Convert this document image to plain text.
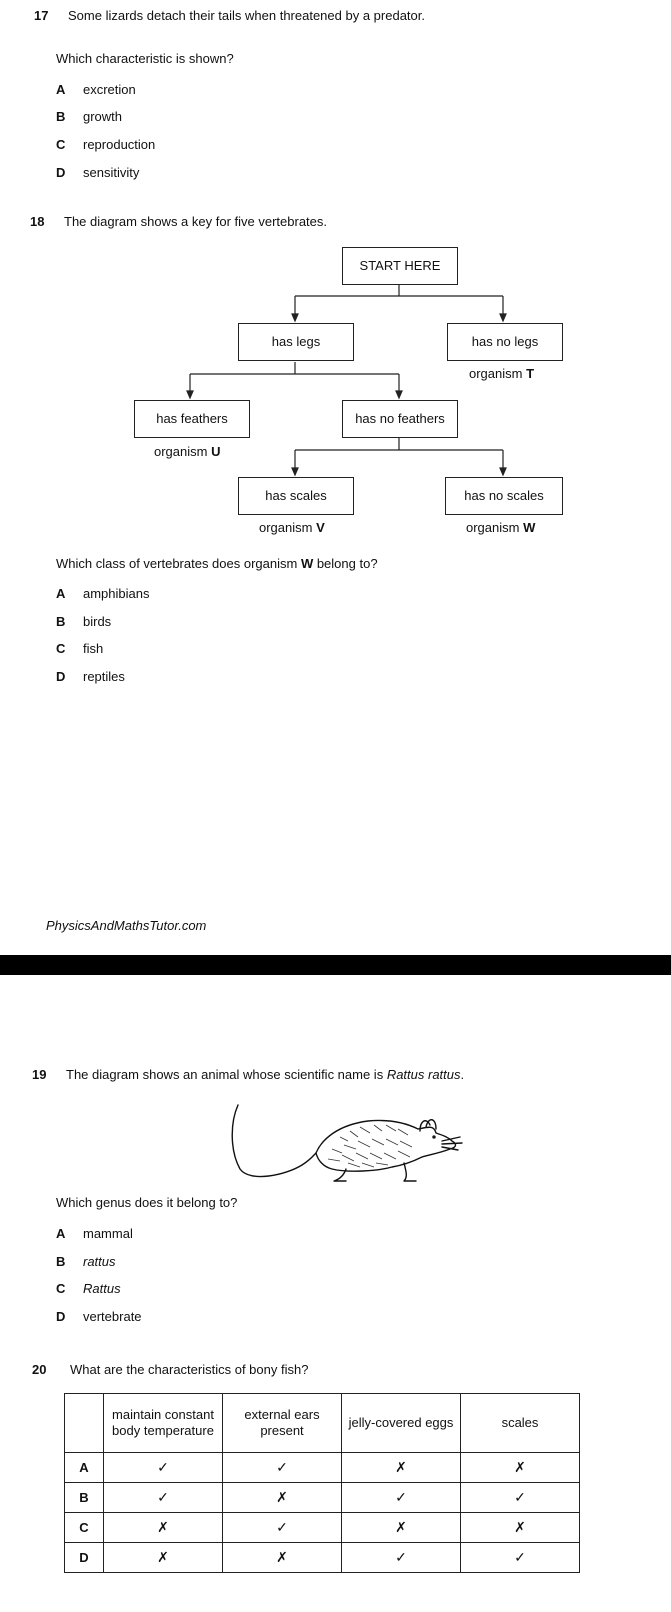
17 Some lizards detach their tails when threatened by a predator.
Which characteristic is shown?
A excretion
B growth
C reproduction
D sensitivity
18 The diagram shows a key for five vertebrates.
START HERE
has legs	has no legs
has feathers	has no feathers
has scales	has no scales
organism T
organism U
organism V	organism W
Which class of vertebrates does organism W belong to?
A amphibians
B birds
C fish
D reptiles
PhysicsAndMathsTutor.com
19 The diagram shows an animal whose scientific name is Rattus rattus.
Which genus does it belong to?
A mammal
B rattus
C Rattus
D vertebrate
20 What are the characteristics of bony fish?
	maintain constant body temperature	external ears present	jelly-covered eggs	scales
A	✓	✓	✗	✗
B	✓	✗	✓	✓
C	✗	✓	✗	✗
D	✗	✗	✓	✓
